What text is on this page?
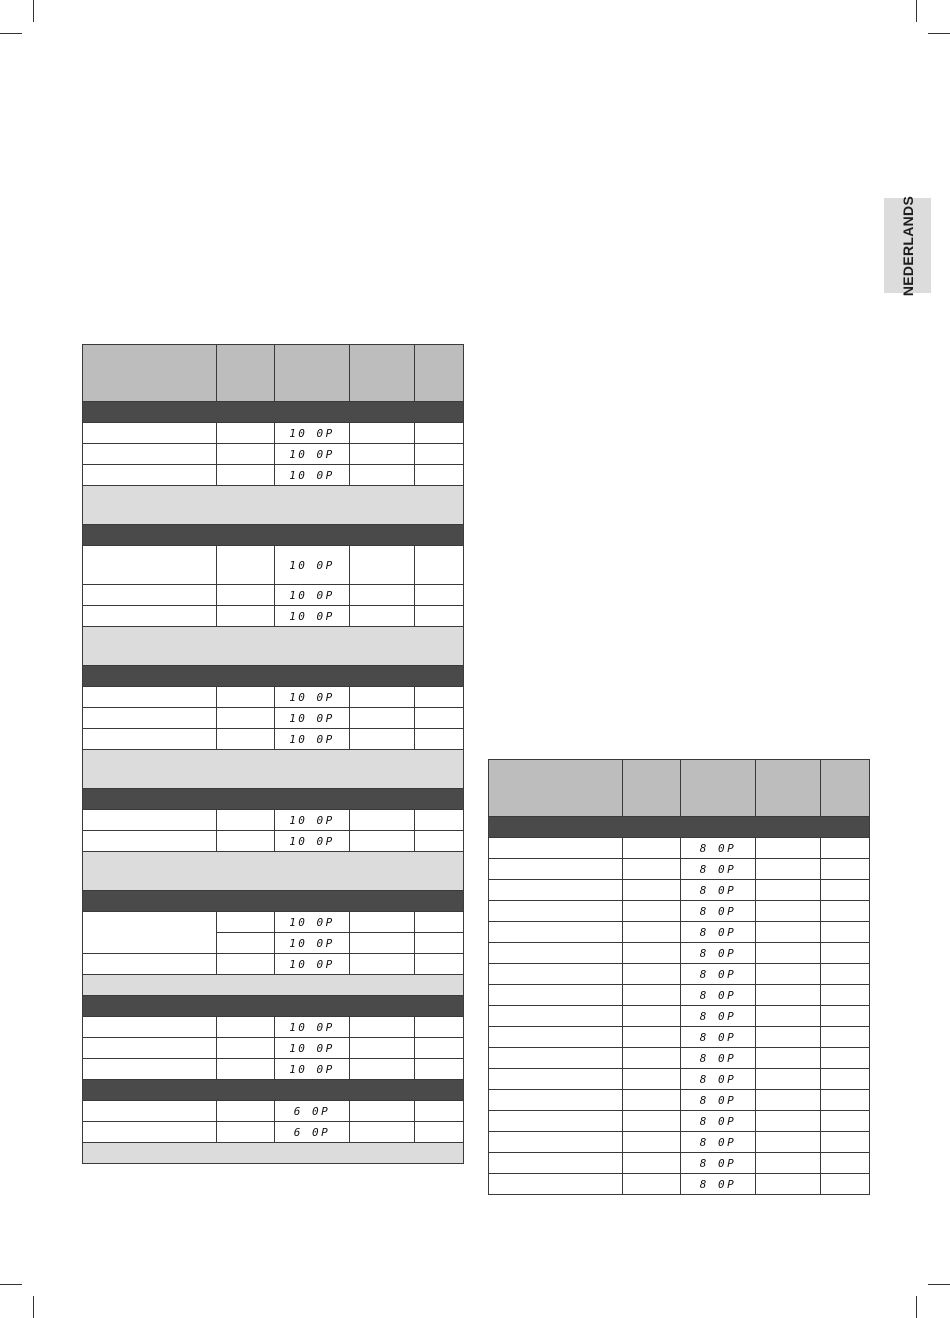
NEDERLANDS

		10 0P		
		10 0P		
		10 0P		

		10 0P		
		10 0P		
		10 0P		

		10 0P		
		10 0P		
		10 0P		

		10 0P		
		10 0P		

		10 0P		
		10 0P		
		10 0P		

		10 0P		
		10 0P		
		10 0P		

		6 0P		
		6 0P		

		8 0P		
		8 0P		
		8 0P		
		8 0P		
		8 0P		
		8 0P		
		8 0P		
		8 0P		
		8 0P		
		8 0P		
		8 0P		
		8 0P		
		8 0P		
		8 0P		
		8 0P		
		8 0P		
		8 0P		
